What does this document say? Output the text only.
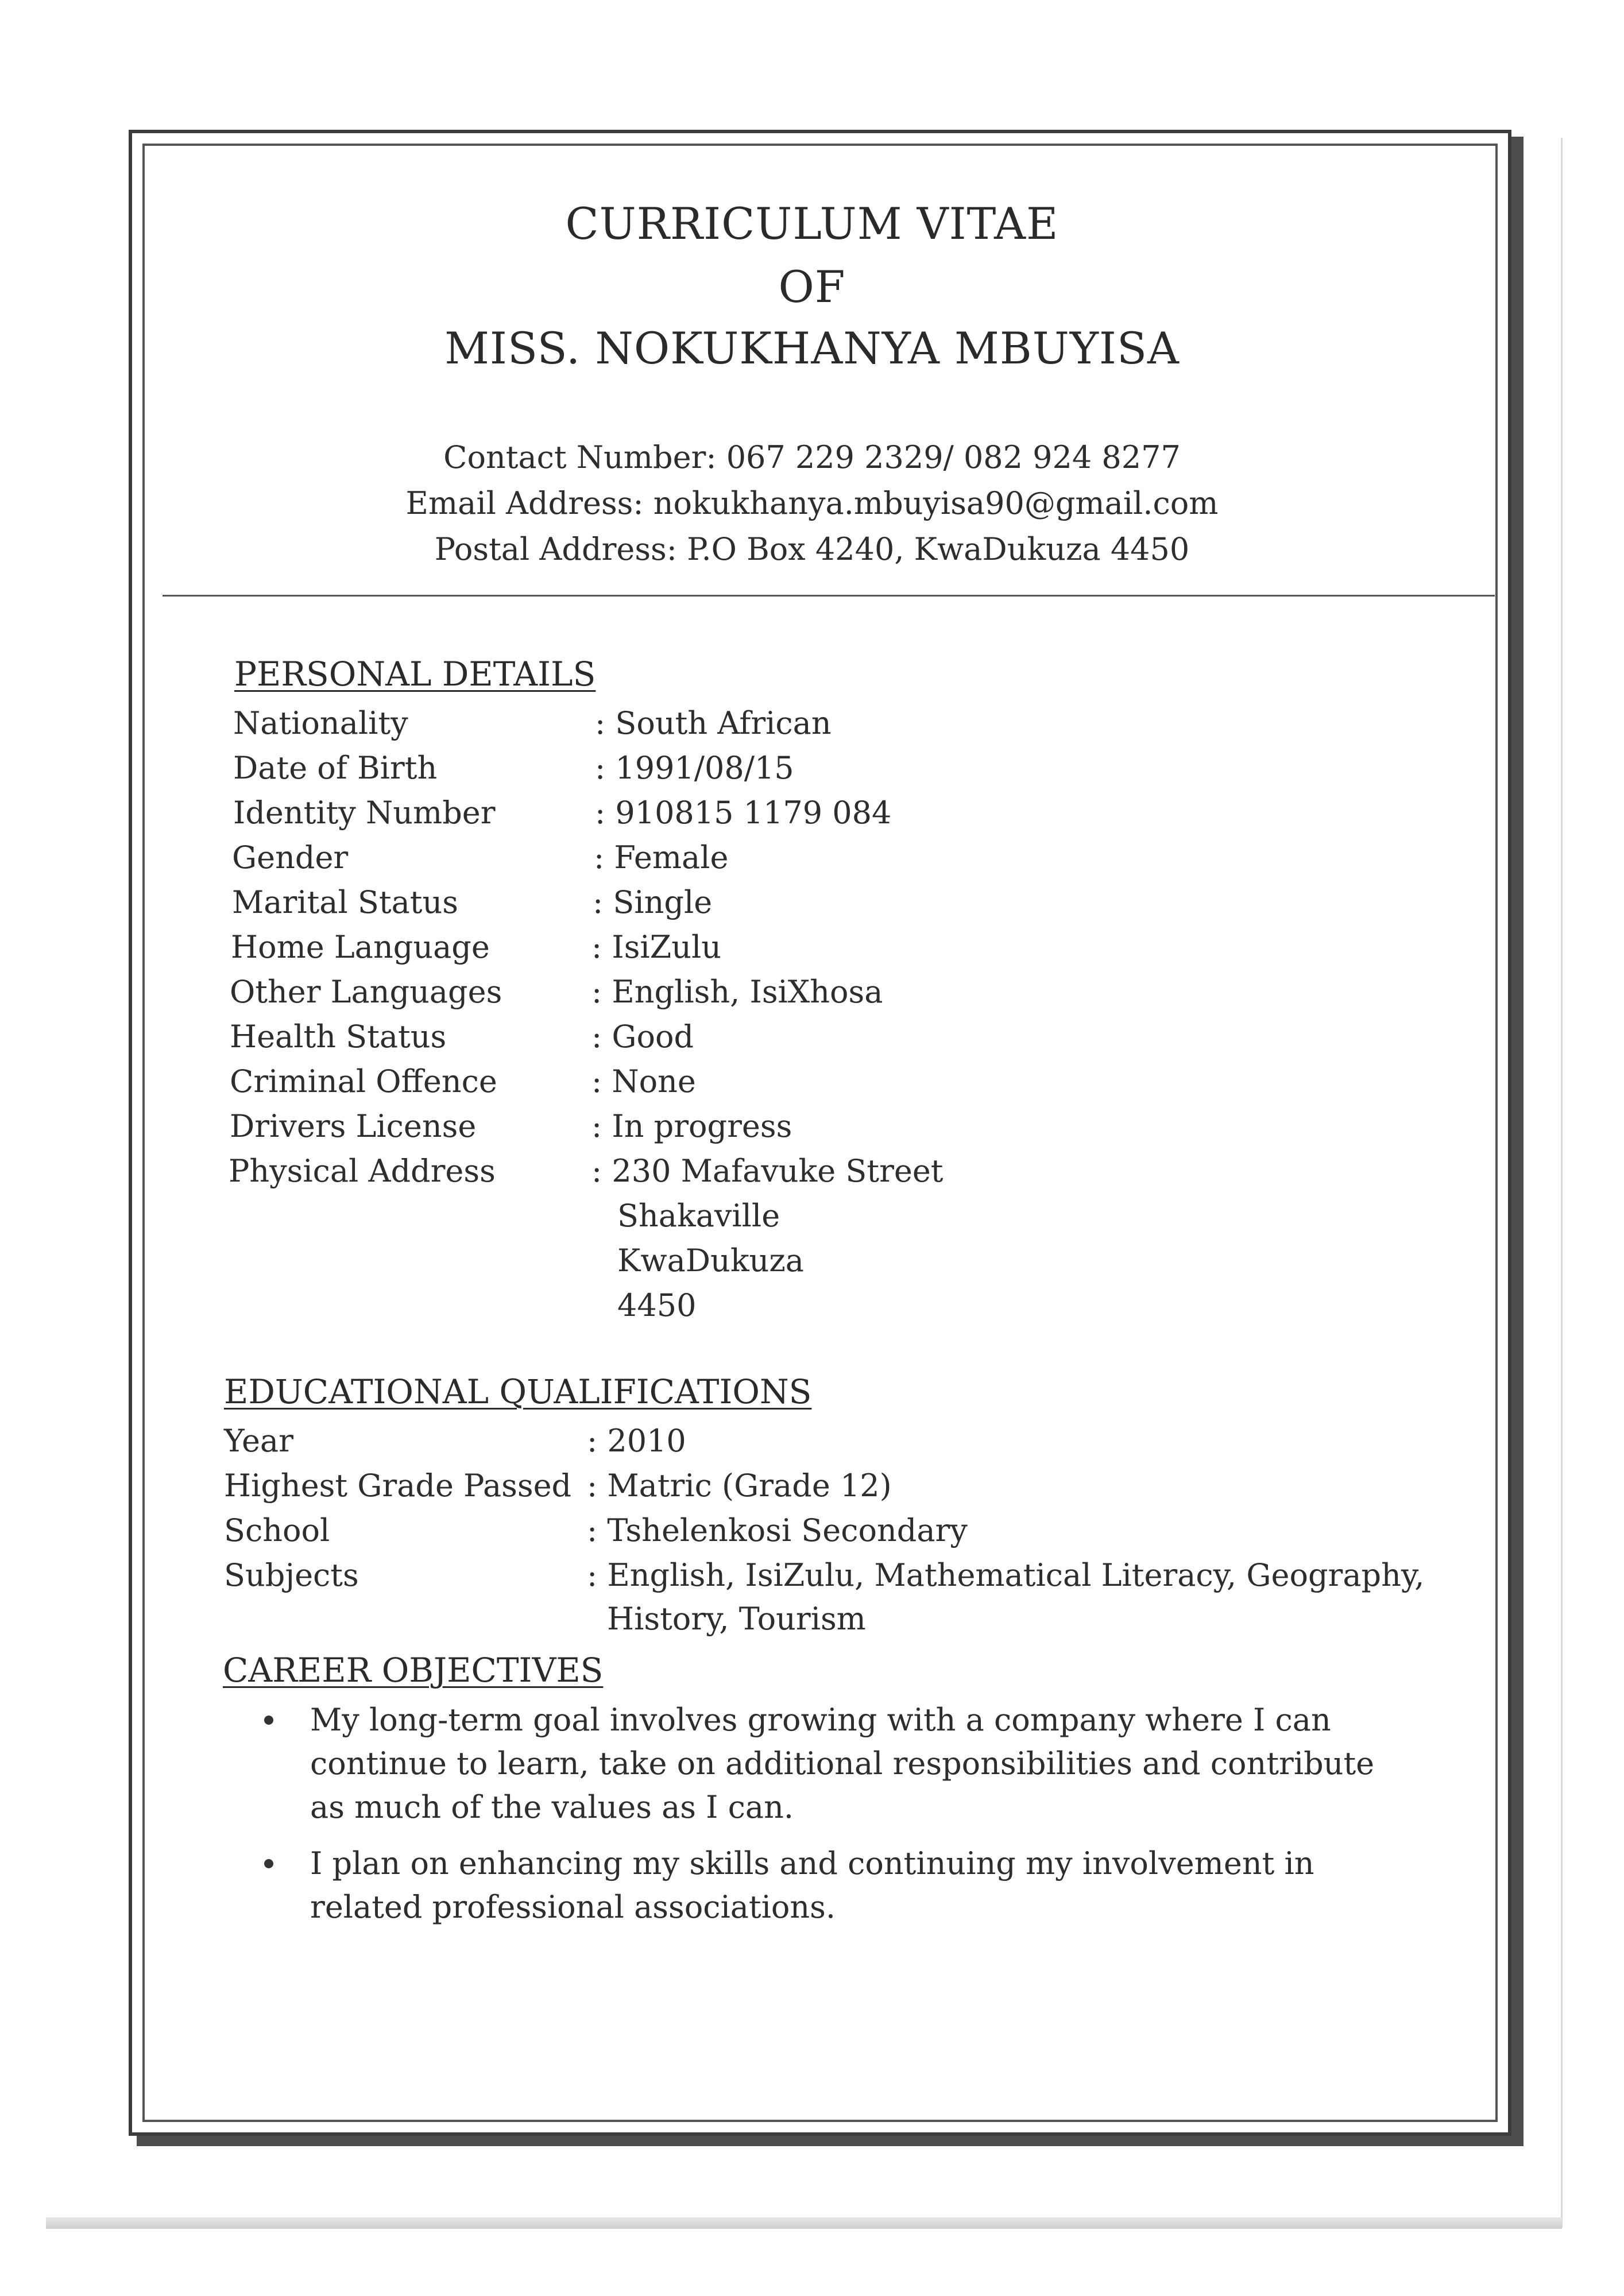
CURRICULUM VITAE
OF
MISS. NOKUKHANYA MBUYISA
Contact Number: 067 229 2329/ 082 924 8277
Email Address: nokukhanya.mbuyisa90@gmail.com
Postal Address: P.O Box 4240, KwaDukuza 4450
PERSONAL DETAILS
Nationality	: South African
Date of Birth	: 1991/08/15
Identity Number	: 910815 1179 084
Gender	: Female
Marital Status	: Single
Home Language	: IsiZulu
Other Languages	: English, IsiXhosa
Health Status	: Good
Criminal Offence	: None
Drivers License	: In progress
Physical Address	: 230 Mafavuke Street
Shakaville
KwaDukuza
4450
EDUCATIONAL QUALIFICATIONS
Year	: 2010
Highest Grade Passed : Matric (Grade 12)
School	: Tshelenkosi Secondary
Subjects	: English, IsiZulu, Mathematical Literacy, Geography,
History, Tourism
CAREER OBJECTIVES
My long-term goal involves growing with a company where I can continue to learn, take on additional responsibilities and contribute as much of the values as I can.
I plan on enhancing my skills and continuing my involvement in related professional associations.
